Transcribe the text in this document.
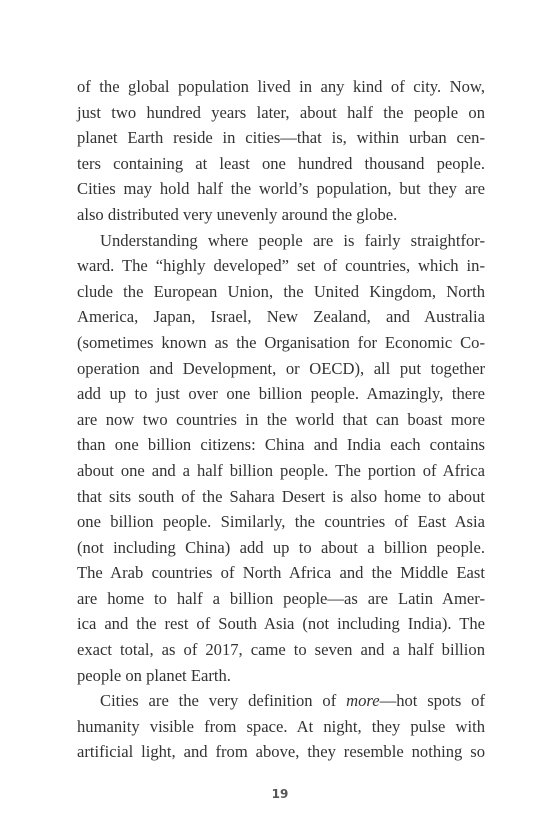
of the global population lived in any kind of city. Now,
just two hundred years later, about half the people on
planet Earth reside in cities—that is, within urban cen-
ters containing at least one hundred thousand people.
Cities may hold half the world’s population, but they are
also distributed very unevenly around the globe.
Understanding where people are is fairly straightfor-
ward. The “highly developed” set of countries, which in-
clude the European Union, the United Kingdom, North
America, Japan, Israel, New Zealand, and Australia
(sometimes known as the Organisation for Economic Co-
operation and Development, or OECD), all put together
add up to just over one billion people. Amazingly, there
are now two countries in the world that can boast more
than one billion citizens: China and India each contains
about one and a half billion people. The portion of Africa
that sits south of the Sahara Desert is also home to about
one billion people. Similarly, the countries of East Asia
(not including China) add up to about a billion people.
The Arab countries of North Africa and the Middle East
are home to half a billion people—as are Latin Amer-
ica and the rest of South Asia (not including India). The
exact total, as of 2017, came to seven and a half billion
people on planet Earth.
Cities are the very definition of more—hot spots of
humanity visible from space. At night, they pulse with
artificial light, and from above, they resemble nothing so
19
